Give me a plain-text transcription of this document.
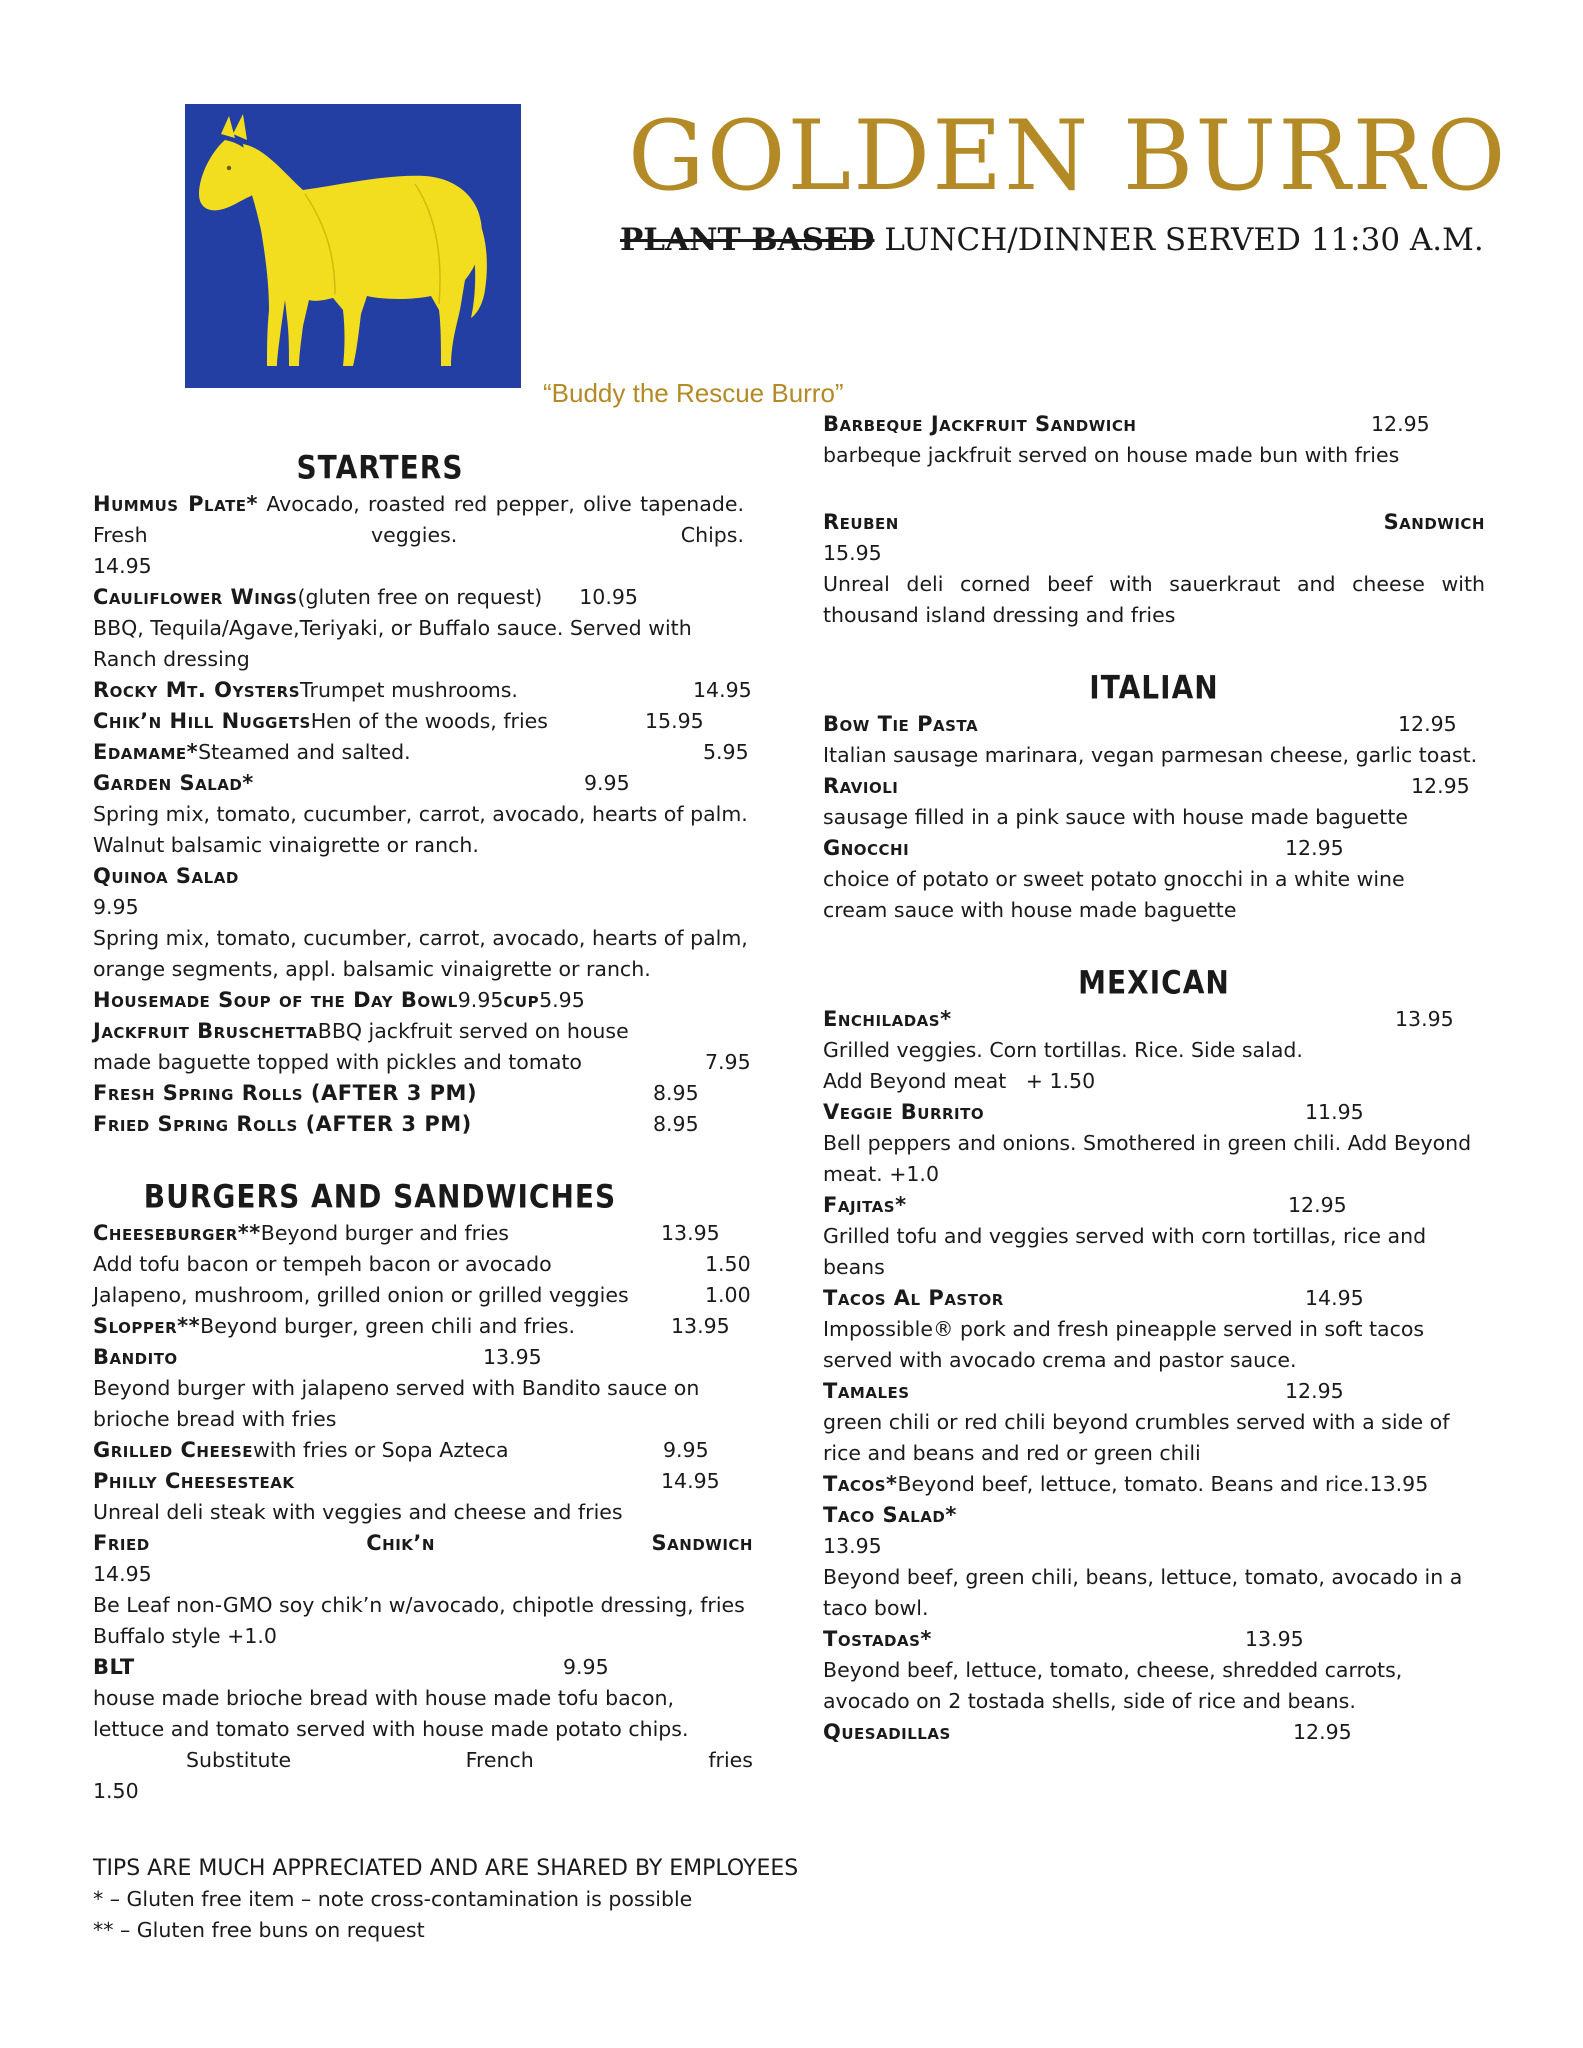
GOLDEN BURRO
PLANT BASED LUNCH/DINNER SERVED 11:30 A.M.
“Buddy the Rescue Burro”
STARTERS
Hummus Plate* Avocado, roasted red pepper, olive tapenade. Fresh veggies. Chips.
14.95
Cauliflower Wings (gluten free on request) 10.95
BBQ, Tequila/Agave,Teriyaki, or Buffalo sauce. Served with Ranch dressing
Rocky Mt. Oysters Trumpet mushrooms.	14.95
Chik’n Hill Nuggets Hen of the woods, fries	15.95
Edamame* Steamed and salted.	5.95
Garden Salad*	9.95
Spring mix, tomato, cucumber, carrot, avocado, hearts of palm. Walnut balsamic vinaigrette or ranch.
Quinoa Salad
9.95
Spring mix, tomato, cucumber, carrot, avocado, hearts of palm, orange segments, appl. balsamic vinaigrette or ranch.
Housemade Soup of the Day Bowl 9.95 cup 5.95
Jackfruit Bruschetta BBQ jackfruit served on house
made baguette topped with pickles and tomato	7.95
Fresh Spring Rolls (AFTER 3 PM)	8.95
Fried Spring Rolls (AFTER 3 PM)	8.95
BURGERS AND SANDWICHES
Cheeseburger** Beyond burger and fries	13.95
Add tofu bacon or tempeh bacon or avocado	1.50
Jalapeno, mushroom, grilled onion or grilled veggies	1.00
Slopper** Beyond burger, green chili and fries.	13.95
Bandito	13.95
Beyond burger with jalapeno served with Bandito sauce on brioche bread with fries
Grilled Cheese with fries or Sopa Azteca	9.95
Philly Cheesesteak	14.95
Unreal deli steak with veggies and cheese and fries
Fried	Chik’n	Sandwich
14.95
Be Leaf non-GMO soy chik’n w/avocado, chipotle dressing, fries
Buffalo style +1.0
BLT	9.95
house made brioche bread with house made tofu bacon, lettuce and tomato served with house made potato chips.
Substitute	French	fries
1.50
Barbeque Jackfruit Sandwich	12.95
barbeque jackfruit served on house made bun with fries
Reuben	Sandwich
15.95
Unreal deli corned beef with sauerkraut and cheese with thousand island dressing and fries
ITALIAN
Bow Tie Pasta	12.95
Italian sausage marinara, vegan parmesan cheese, garlic toast.
Ravioli	12.95
sausage filled in a pink sauce with house made baguette
Gnocchi	12.95
choice of potato or sweet potato gnocchi in a white wine cream sauce with house made baguette
MEXICAN
Enchiladas*	13.95
Grilled veggies. Corn tortillas. Rice. Side salad.
Add Beyond meat   + 1.50
Veggie Burrito	11.95
Bell peppers and onions. Smothered in green chili. Add Beyond meat. +1.0
Fajitas*	12.95
Grilled tofu and veggies served with corn tortillas, rice and beans
Tacos Al Pastor	14.95
Impossible® pork and fresh pineapple served in soft tacos served with avocado crema and pastor sauce.
Tamales	12.95
green chili or red chili beyond crumbles served with a side of rice and beans and red or green chili
Tacos* Beyond beef, lettuce, tomato. Beans and rice. 13.95
Taco Salad*
13.95
Beyond beef, green chili, beans, lettuce, tomato, avocado in a taco bowl.
Tostadas*	13.95
Beyond beef, lettuce, tomato, cheese, shredded carrots, avocado on 2 tostada shells, side of rice and beans.
Quesadillas	12.95
TIPS ARE MUCH APPRECIATED AND ARE SHARED BY EMPLOYEES
* – Gluten free item – note cross-contamination is possible
** – Gluten free buns on request
